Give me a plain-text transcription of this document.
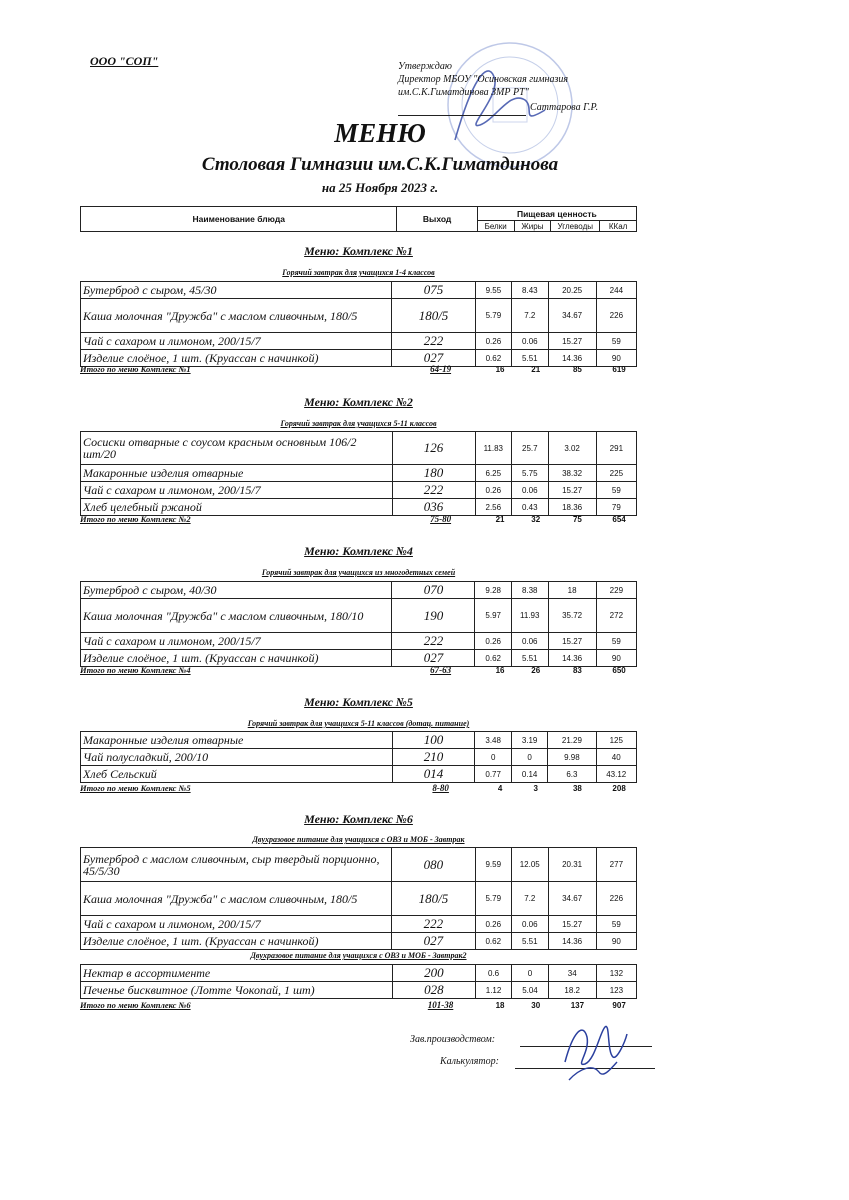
ООО "СОП"	Утверждаю
Директор МБОУ "Осиновская гимназия
им.С.К.Гиматдинова ЗМР РТ"
Саттарова Г.Р.
МЕНЮ
Столовая Гимназии им.С.К.Гиматдинова
на 25 Ноября 2023 г.
Наименование блюда	Выход	Пищевая ценность			
		Белки	Жиры	Углеводы	ККал
Меню: Комплекс №1
Горячий завтрак для учащихся 1-4 классов
Бутерброд с сыром, 45/30	075	9.55	8.43	20.25	244
Каша молочная "Дружба" с маслом сливочным, 180/5	180/5	5.79	7.2	34.67	226
Чай с сахаром и лимоном, 200/15/7	222	0.26	0.06	15.27	59
Изделие слоёное, 1 шт. (Круассан с начинкой)	027	0.62	5.51	14.36	90
Итого по меню Комплекс №1	64-19	16	21	85	619
Меню: Комплекс №2
Горячий завтрак для учащихся 5-11 классов
Сосиски отварные с соусом красным основным 106/2 шт/20	126	11.83	25.7	3.02	291
Макаронные изделия отварные	180	6.25	5.75	38.32	225
Чай с сахаром и лимоном, 200/15/7	222	0.26	0.06	15.27	59
Хлеб целебный ржаной	036	2.56	0.43	18.36	79
Итого по меню Комплекс №2	75-80	21	32	75	654
Меню: Комплекс №4
Горячий завтрак для учащихся из многодетных семей
Бутерброд с сыром, 40/30	070	9.28	8.38	18	229
Каша молочная "Дружба" с маслом сливочным, 180/10	190	5.97	11.93	35.72	272
Чай с сахаром и лимоном, 200/15/7	222	0.26	0.06	15.27	59
Изделие слоёное, 1 шт. (Круассан с начинкой)	027	0.62	5.51	14.36	90
Итого по меню Комплекс №4	67-63	16	26	83	650
Меню: Комплекс №5
Горячий завтрак для учащихся 5-11 классов (дотац. питание)
Макаронные изделия отварные	100	3.48	3.19	21.29	125
Чай полусладкий, 200/10	210	0	0	9.98	40
Хлеб Сельский	014	0.77	0.14	6.3	43.12
Итого по меню Комплекс №5	8-80	4	3	38	208
Меню: Комплекс №6
Двухразовое питание для учащихся с ОВЗ и МОБ - Завтрак
Бутерброд с маслом сливочным, сыр твердый порционно, 45/5/30	080	9.59	12.05	20.31	277
Каша молочная "Дружба" с маслом сливочным, 180/5	180/5	5.79	7.2	34.67	226
Чай с сахаром и лимоном, 200/15/7	222	0.26	0.06	15.27	59
Изделие слоёное, 1 шт. (Круассан с начинкой)	027	0.62	5.51	14.36	90
Двухразовое питание для учащихся с ОВЗ и МОБ - Завтрак2
Нектар в ассортименте	200	0.6	0	34	132
Печенье бисквитное (Лотте Чокопай, 1 шт)	028	1.12	5.04	18.2	123
Итого по меню Комплекс №6	101-38	18	30	137	907
Зав.производством:
Калькулятор:
